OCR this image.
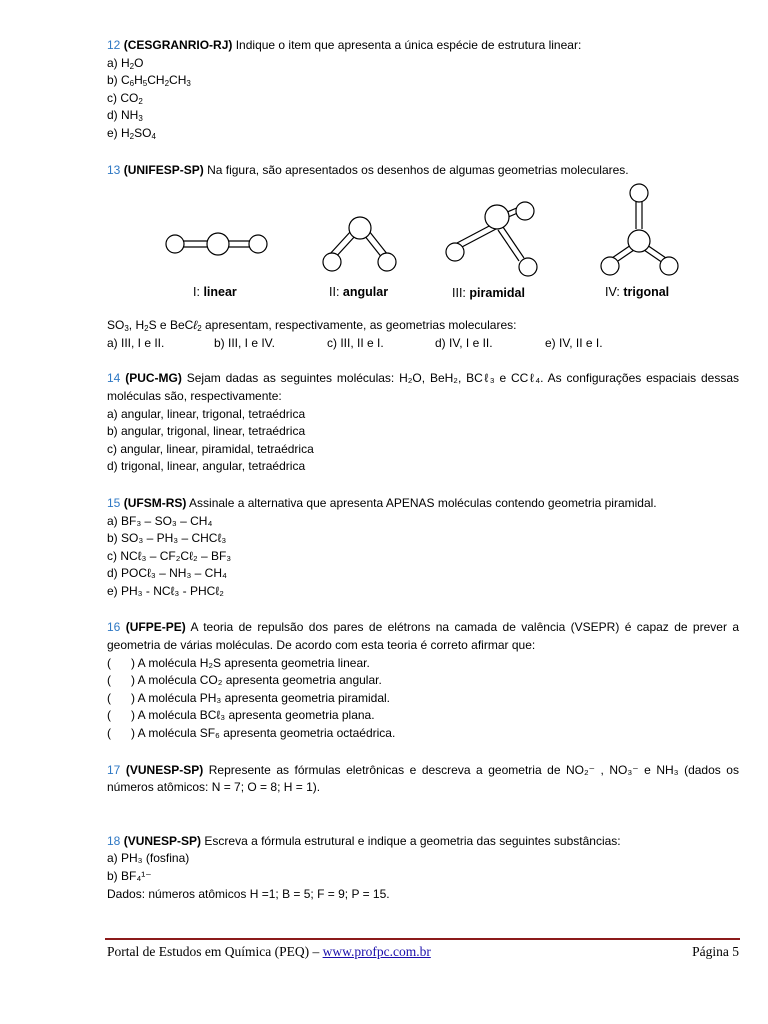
12 (CESGRANRIO-RJ) Indique o item que apresenta a única espécie de estrutura linear:
a) $H_2O$
b) $C_6H_5CH_2CH_3$
c) $CO_2$
d) $NH_3$
e) $H_2SO_4$
13 (UNIFESP-SP) Na figura, são apresentados os desenhos de algumas geometrias moleculares.
I: linear	II: angular	III: piramidal	IV: trigonal
$SO_3$, $H_2S$ e BeCℓ$_2$ apresentam, respectivamente, as geometrias moleculares:
a) III, I e II.	b) III, I e IV.	c) III, II e I.	d) IV, I e II.	e) IV, II e I.
14 (PUC-MG) Sejam dadas as seguintes moléculas: H₂O, BeH₂, BCℓ₃ e CCℓ₄. As configurações espaciais dessas moléculas são, respectivamente:
a) angular, linear, trigonal, tetraédrica
b) angular, trigonal, linear, tetraédrica
c) angular, linear, piramidal, tetraédrica
d) trigonal, linear, angular, tetraédrica
15 (UFSM-RS) Assinale a alternativa que apresenta APENAS moléculas contendo geometria piramidal.
a) BF₃ – SO₃ – CH₄
b) SO₃ – PH₃ – CHCℓ₃
c) NCℓ₃ – CF₂Cℓ₂ – BF₃
d) POCℓ₃ – NH₃ – CH₄
e) PH₃ - NCℓ₃ - PHCℓ₂
16 (UFPE-PE) A teoria de repulsão dos pares de elétrons na camada de valência (VSEPR) é capaz de prever a geometria de várias moléculas. De acordo com esta teoria é correto afirmar que:
( ) A molécula H₂S apresenta geometria linear.
( ) A molécula CO₂ apresenta geometria angular.
( ) A molécula PH₃ apresenta geometria piramidal.
( ) A molécula BCℓ₃ apresenta geometria plana.
( ) A molécula SF₆ apresenta geometria octaédrica.
17 (VUNESP-SP) Represente as fórmulas eletrônicas e descreva a geometria de NO₂⁻ , NO₃⁻ e NH₃ (dados os números atômicos: N = 7; O = 8; H = 1).
18 (VUNESP-SP) Escreva a fórmula estrutural e indique a geometria das seguintes substâncias:
a) PH₃ (fosfina)
b) BF₄¹⁻
Dados: números atômicos H =1; B = 5; F = 9; P = 15.
Portal de Estudos em Química (PEQ) – www.profpc.com.br	Página 5
